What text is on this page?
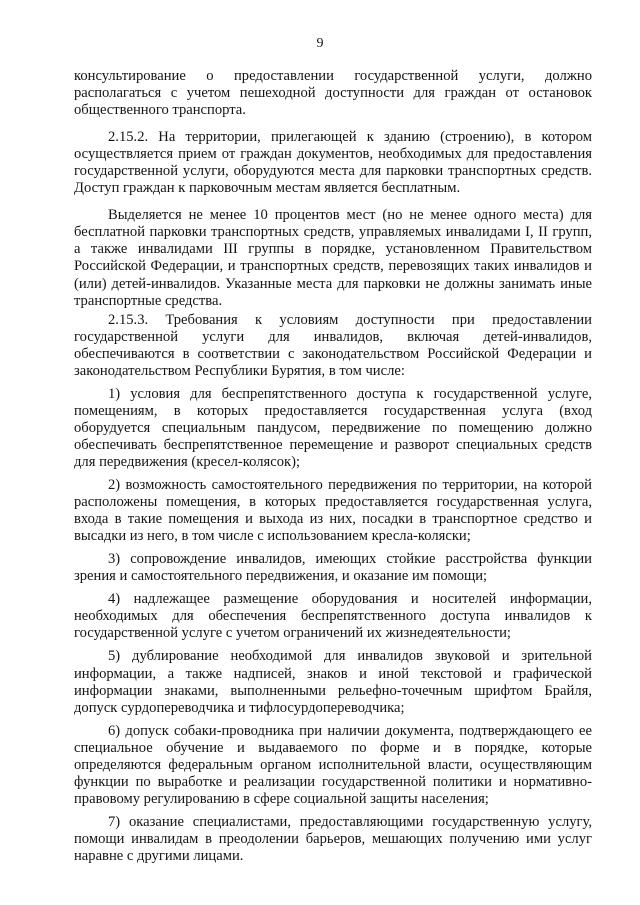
9

консультирование о предоставлении государственной услуги, должно располагаться с учетом пешеходной доступности для граждан от остановок общественного транспорта.

2.15.2. На территории, прилегающей к зданию (строению), в котором осуществляется прием от граждан документов, необходимых для предоставления государственной услуги, оборудуются места для парковки транспортных средств. Доступ граждан к парковочным местам является бесплатным.

Выделяется не менее 10 процентов мест (но не менее одного места) для бесплатной парковки транспортных средств, управляемых инвалидами I, II групп, а также инвалидами III группы в порядке, установленном Правительством Российской Федерации, и транспортных средств, перевозящих таких инвалидов и (или) детей-инвалидов. Указанные места для парковки не должны занимать иные транспортные средства.

2.15.3. Требования к условиям доступности при предоставлении государственной услуги для инвалидов, включая детей-инвалидов, обеспечиваются в соответствии с законодательством Российской Федерации и законодательством Республики Бурятия, в том числе:

1) условия для беспрепятственного доступа к государственной услуге, помещениям, в которых предоставляется государственная услуга (вход оборудуется специальным пандусом, передвижение по помещению должно обеспечивать беспрепятственное перемещение и разворот специальных средств для передвижения (кресел-колясок);

2) возможность самостоятельного передвижения по территории, на которой расположены помещения, в которых предоставляется государственная услуга, входа в такие помещения и выхода из них, посадки в транспортное средство и высадки из него, в том числе с использованием кресла-коляски;

3) сопровождение инвалидов, имеющих стойкие расстройства функции зрения и самостоятельного передвижения, и оказание им помощи;

4) надлежащее размещение оборудования и носителей информации, необходимых для обеспечения беспрепятственного доступа инвалидов к государственной услуге с учетом ограничений их жизнедеятельности;

5) дублирование необходимой для инвалидов звуковой и зрительной информации, а также надписей, знаков и иной текстовой и графической информации знаками, выполненными рельефно-точечным шрифтом Брайля, допуск сурдопереводчика и тифлосурдопереводчика;

6) допуск собаки-проводника при наличии документа, подтверждающего ее специальное обучение и выдаваемого по форме и в порядке, которые определяются федеральным органом исполнительной власти, осуществляющим функции по выработке и реализации государственной политики и нормативно-правовому регулированию в сфере социальной защиты населения;

7) оказание специалистами, предоставляющими государственную услугу, помощи инвалидам в преодолении барьеров, мешающих получению ими услуг наравне с другими лицами.
